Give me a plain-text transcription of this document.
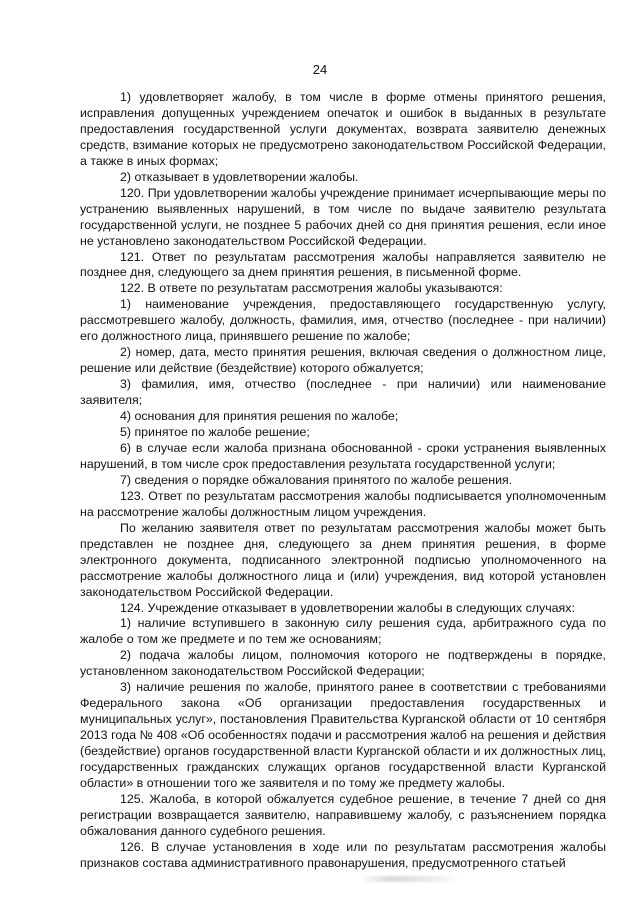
24

1) удовлетворяет жалобу, в том числе в форме отмены принятого решения, исправления допущенных учреждением опечаток и ошибок в выданных в результате предоставления государственной услуги документах, возврата заявителю денежных средств, взимание которых не предусмотрено законодательством Российской Федерации, а также в иных формах;

2) отказывает в удовлетворении жалобы.

120. При удовлетворении жалобы учреждение принимает исчерпывающие меры по устранению выявленных нарушений, в том числе по выдаче заявителю результата государственной услуги, не позднее 5 рабочих дней со дня принятия решения, если иное не установлено законодательством Российской Федерации.

121. Ответ по результатам рассмотрения жалобы направляется заявителю не позднее дня, следующего за днем принятия решения, в письменной форме.

122. В ответе по результатам рассмотрения жалобы указываются:

1) наименование учреждения, предоставляющего государственную услугу, рассмотревшего жалобу, должность, фамилия, имя, отчество (последнее - при наличии) его должностного лица, принявшего решение по жалобе;

2) номер, дата, место принятия решения, включая сведения о должностном лице, решение или действие (бездействие) которого обжалуется;

3) фамилия, имя, отчество (последнее - при наличии) или наименование заявителя;

4) основания для принятия решения по жалобе;

5) принятое по жалобе решение;

6) в случае если жалоба признана обоснованной - сроки устранения выявленных нарушений, в том числе срок предоставления результата государственной услуги;

7) сведения о порядке обжалования принятого по жалобе решения.

123. Ответ по результатам рассмотрения жалобы подписывается уполномоченным на рассмотрение жалобы должностным лицом учреждения.

По желанию заявителя ответ по результатам рассмотрения жалобы может быть представлен не позднее дня, следующего за днем принятия решения, в форме электронного документа, подписанного электронной подписью уполномоченного на рассмотрение жалобы должностного лица и (или) учреждения, вид которой установлен законодательством Российской Федерации.

124. Учреждение отказывает в удовлетворении жалобы в следующих случаях:

1) наличие вступившего в законную силу решения суда, арбитражного суда по жалобе о том же предмете и по тем же основаниям;

2) подача жалобы лицом, полномочия которого не подтверждены в порядке, установленном законодательством Российской Федерации;

3) наличие решения по жалобе, принятого ранее в соответствии с требованиями Федерального закона «Об организации предоставления государственных и муниципальных услуг», постановления Правительства Курганской области от 10 сентября 2013 года № 408 «Об особенностях подачи и рассмотрения жалоб на решения и действия (бездействие) органов государственной власти Курганской области и их должностных лиц, государственных гражданских служащих органов государственной власти Курганской области» в отношении того же заявителя и по тому же предмету жалобы.

125. Жалоба, в которой обжалуется судебное решение, в течение 7 дней со дня регистрации возвращается заявителю, направившему жалобу, с разъяснением порядка обжалования данного судебного решения.

126. В случае установления в ходе или по результатам рассмотрения жалобы признаков состава административного правонарушения, предусмотренного статьей
